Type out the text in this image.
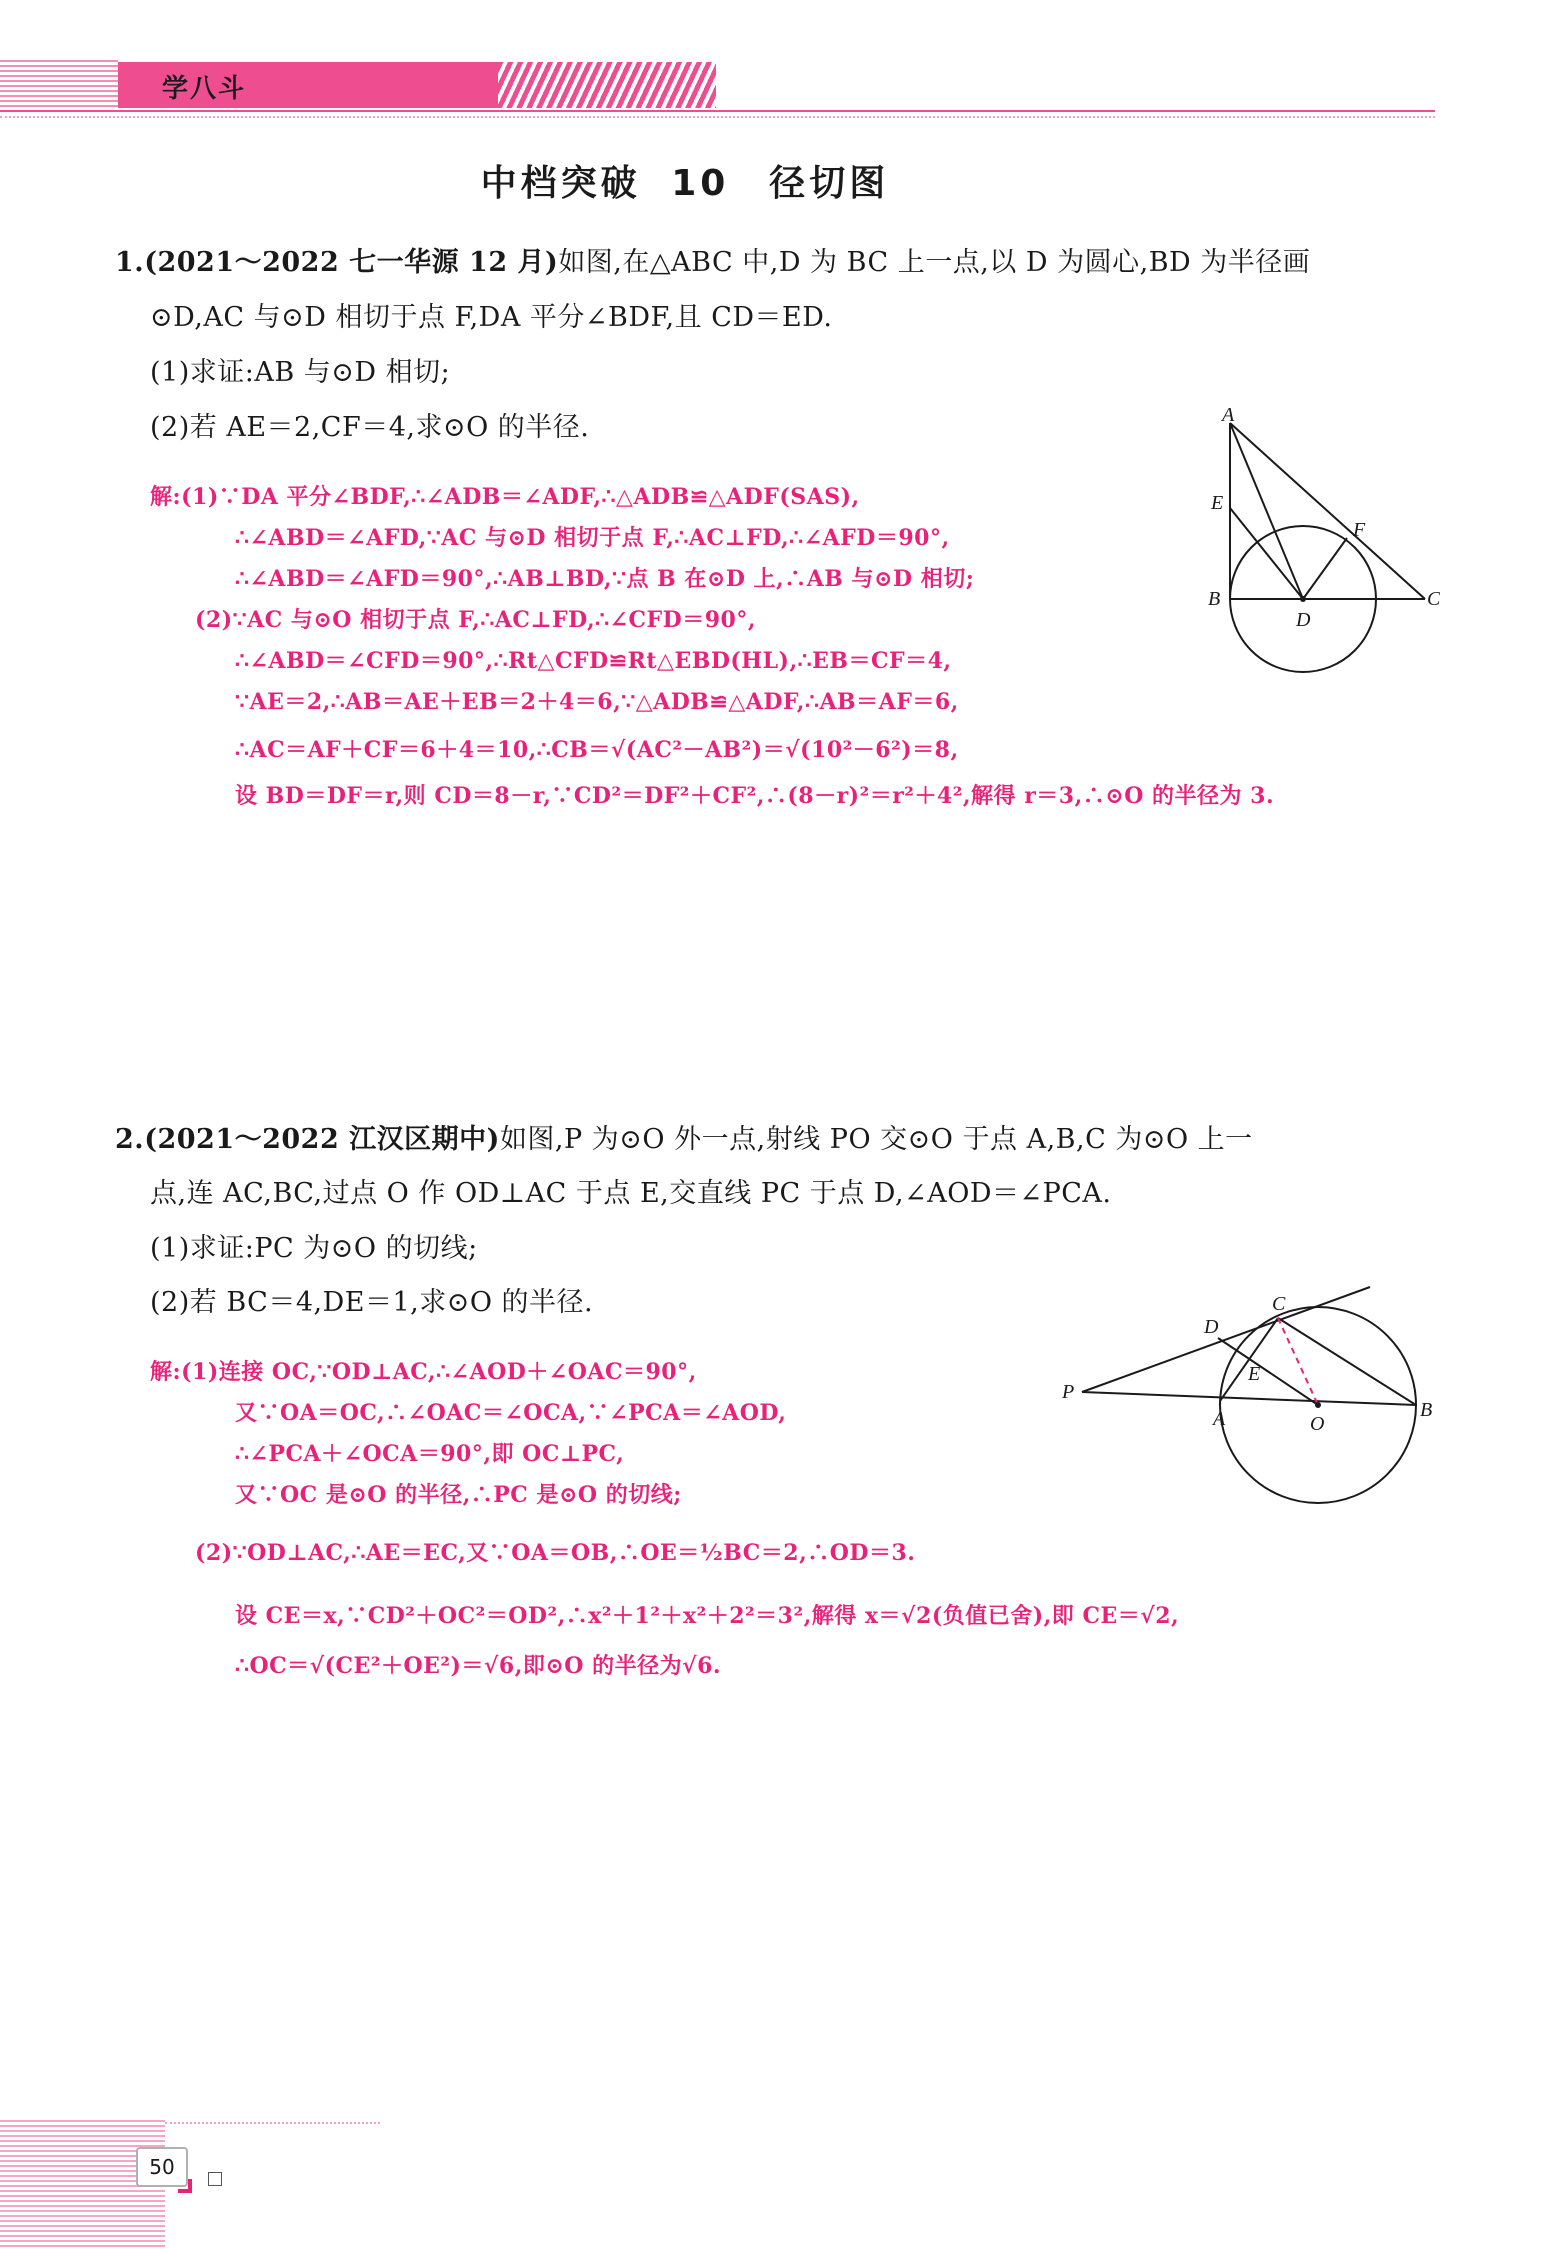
学八斗
中档突破 10　径切图
1.(2021～2022 七一华源 12 月)如图,在△ABC 中,D 为 BC 上一点,以 D 为圆心,BD 为半径画
⊙D,AC 与⊙D 相切于点 F,DA 平分∠BDF,且 CD＝ED.
(1)求证:AB 与⊙D 相切;
(2)若 AE＝2,CF＝4,求⊙O 的半径.
解:(1)∵DA 平分∠BDF,∴∠ADB＝∠ADF,∴△ADB≌△ADF(SAS),
∴∠ABD＝∠AFD,∵AC 与⊙D 相切于点 F,∴AC⊥FD,∴∠AFD＝90°,
∴∠ABD＝∠AFD＝90°,∴AB⊥BD,∵点 B 在⊙D 上,∴AB 与⊙D 相切;
(2)∵AC 与⊙O 相切于点 F,∴AC⊥FD,∴∠CFD＝90°,
∴∠ABD＝∠CFD＝90°,∴Rt△CFD≌Rt△EBD(HL),∴EB＝CF＝4,
∵AE＝2,∴AB＝AE＋EB＝2＋4＝6,∵△ADB≌△ADF,∴AB＝AF＝6,
∴AC＝AF＋CF＝6＋4＝10,∴CB＝√(AC²－AB²)＝√(10²－6²)＝8,
设 BD＝DF＝r,则 CD＝8－r,∵CD²＝DF²＋CF²,∴(8－r)²＝r²＋4²,解得 r＝3,∴⊙O 的半径为 3.
A
B	C
D
E
F
2.(2021～2022 江汉区期中)如图,P 为⊙O 外一点,射线 PO 交⊙O 于点 A,B,C 为⊙O 上一
点,连 AC,BC,过点 O 作 OD⊥AC 于点 E,交直线 PC 于点 D,∠AOD＝∠PCA.
(1)求证:PC 为⊙O 的切线;
(2)若 BC＝4,DE＝1,求⊙O 的半径.
解:(1)连接 OC,∵OD⊥AC,∴∠AOD＋∠OAC＝90°,
又∵OA＝OC,∴∠OAC＝∠OCA,∵∠PCA＝∠AOD,
∴∠PCA＋∠OCA＝90°,即 OC⊥PC,
又∵OC 是⊙O 的半径,∴PC 是⊙O 的切线;
(2)∵OD⊥AC,∴AE＝EC,又∵OA＝OB,∴OE＝½BC＝2,∴OD＝3.
设 CE＝x,∵CD²＋OC²＝OD²,∴x²＋1²＋x²＋2²＝3²,解得 x＝√2(负值已舍),即 CE＝√2,
∴OC＝√(CE²＋OE²)＝√6,即⊙O 的半径为√6.
P
A	B
C
D
E
O
50
